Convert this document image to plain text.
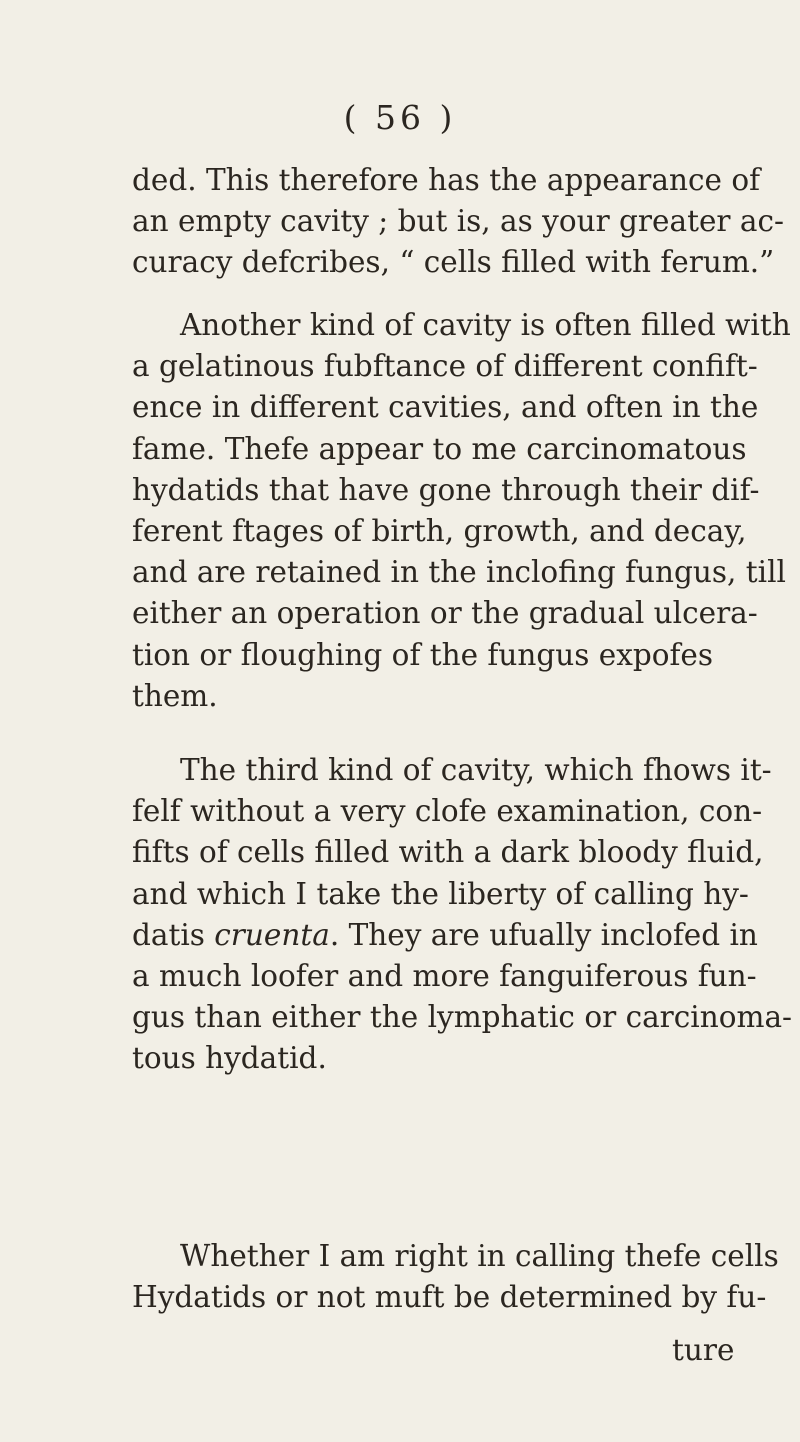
( 56 )
ded. This therefore has the appearance of
an empty cavity ; but is, as your greater ac-
curacy defcribes, “ cells filled with ferum.”
Another kind of cavity is often filled with
a gelatinous fubftance of different confift-
ence in different cavities, and often in the
fame. Thefe appear to me carcinomatous
hydatids that have gone through their dif-
ferent ftages of birth, growth, and decay,
and are retained in the inclofing fungus, till
either an operation or the gradual ulcera-
tion or floughing of the fungus expofes
them.
The third kind of cavity, which fhows it-
felf without a very clofe examination, con-
fifts of cells filled with a dark bloody fluid,
and which I take the liberty of calling hy-
datis cruenta. They are ufually inclofed in
a much loofer and more fanguiferous fun-
gus than either the lymphatic or carcinoma-
tous hydatid.
Whether I am right in calling thefe cells
Hydatids or not muft be determined by fu-
ture
